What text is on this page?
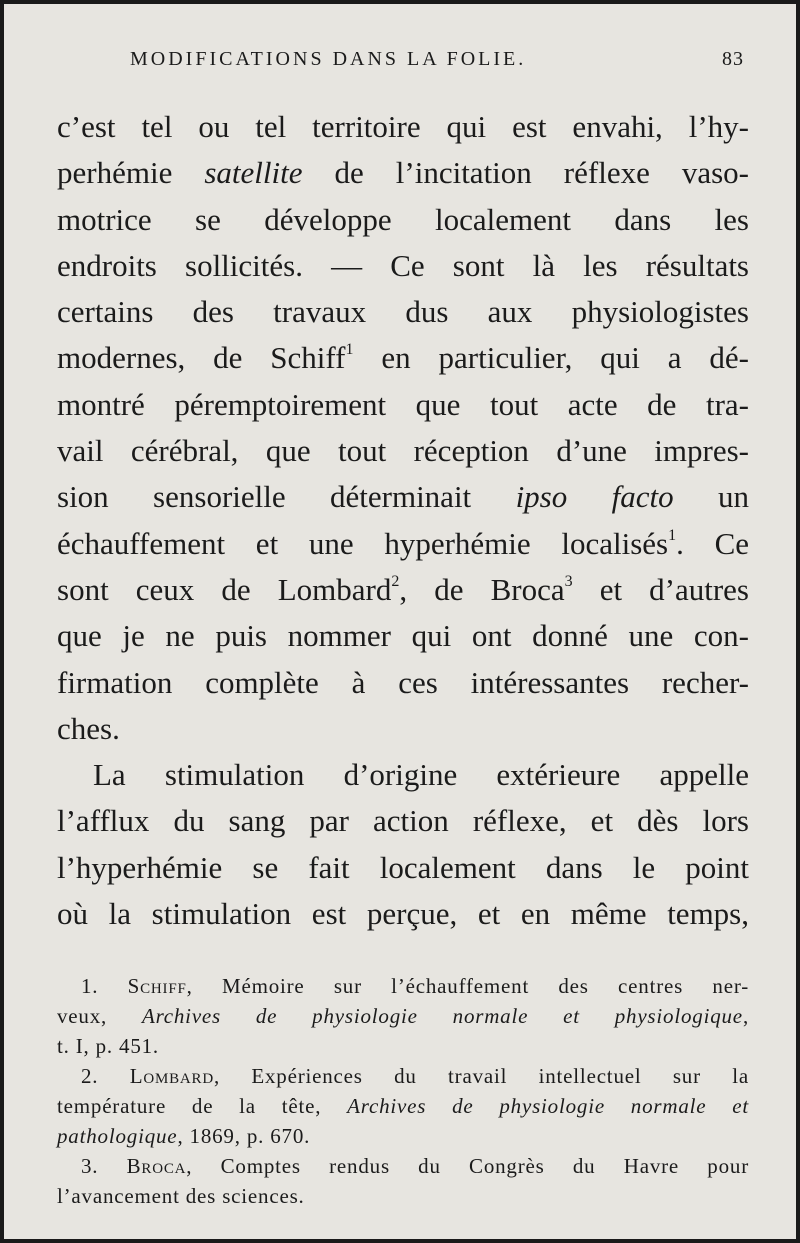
MODIFICATIONS DANS LA FOLIE.	83
c’est tel ou tel territoire qui est envahi, l’hy-
perhémie satellite de l’incitation réflexe vaso-
motrice se développe localement dans les
endroits sollicités. — Ce sont là les résultats
certains des travaux dus aux physiologistes
modernes, de Schiff$^1$ en particulier, qui a dé-
montré péremptoirement que tout acte de tra-
vail cérébral, que tout réception d’une impres-
sion sensorielle déterminait ipso facto un
échauffement et une hyperhémie localisés$^1$. Ce
sont ceux de Lombard$^2$, de Broca$^3$ et d’autres
que je ne puis nommer qui ont donné une con-
firmation complète à ces intéressantes recher-
ches.
La stimulation d’origine extérieure appelle
l’afflux du sang par action réflexe, et dès lors
l’hyperhémie se fait localement dans le point
où la stimulation est perçue, et en même temps,
1. Schiff, Mémoire sur l’échauffement des centres ner-
veux, Archives de physiologie normale et physiologique,
t. I, p. 451.
2. Lombard, Expériences du travail intellectuel sur la
température de la tête, Archives de physiologie normale et
pathologique, 1869, p. 670.
3. Broca, Comptes rendus du Congrès du Havre pour
l’avancement des sciences.
